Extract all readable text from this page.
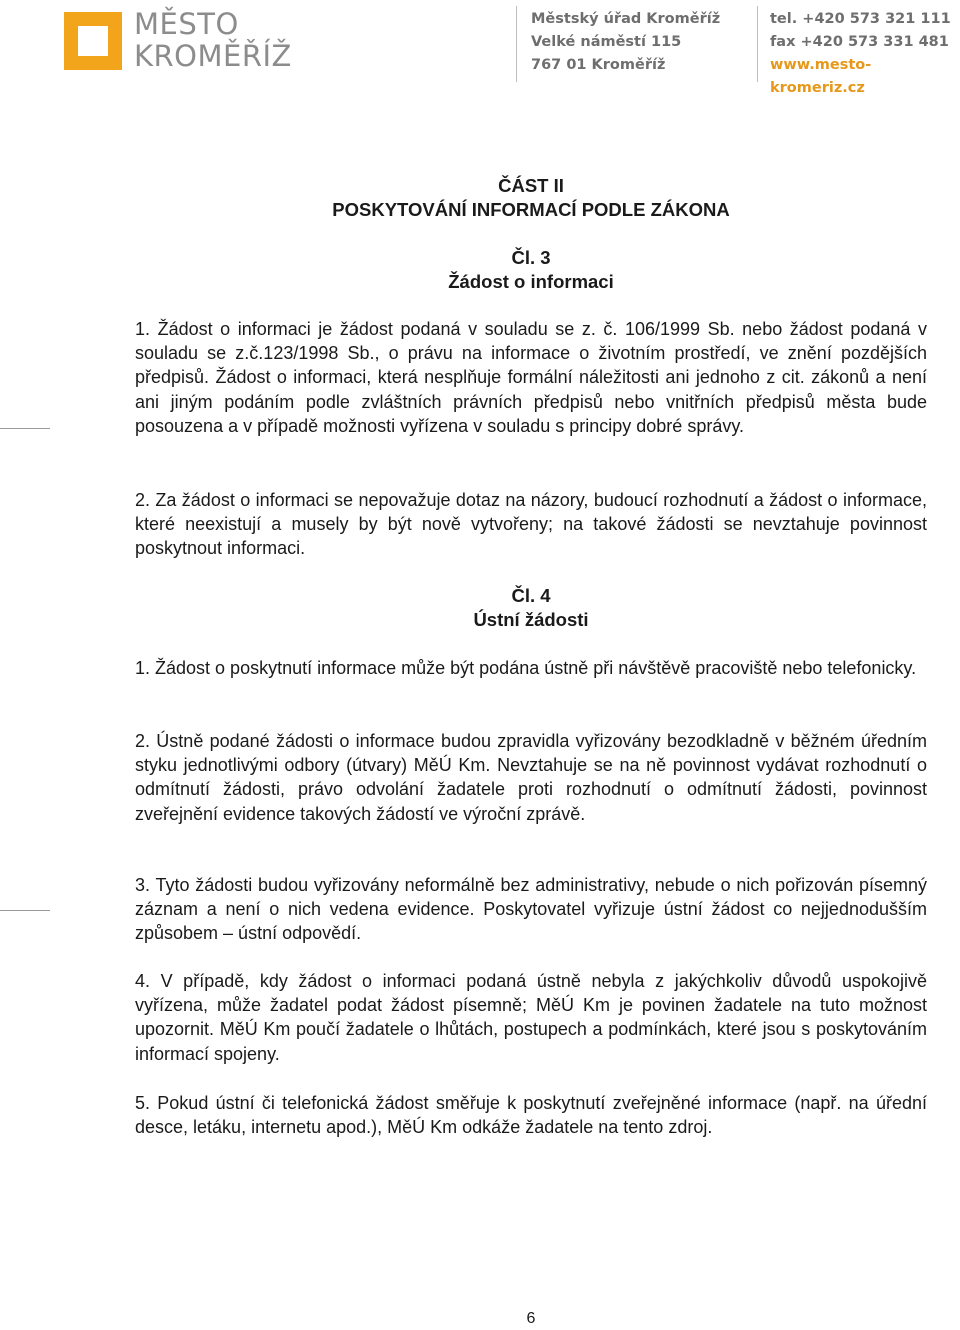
MĚSTO
KROMĚŘÍŽ
Městský úřad Kroměříž
Velké náměstí 115
767 01 Kroměříž
tel. +420 573 321 111
fax +420 573 331 481
www.mesto-kromeriz.cz
ČÁST II
POSKYTOVÁNÍ INFORMACÍ PODLE ZÁKONA
Čl. 3
Žádost o informaci
1. Žádost o informaci je žádost podaná v souladu se z. č. 106/1999 Sb. nebo žádost podaná v souladu se z.č.123/1998 Sb., o právu na informace o životním prostředí, ve znění pozdějších předpisů. Žádost o informaci, která nesplňuje formální náležitosti ani jednoho z cit. zákonů a není ani jiným podáním podle zvláštních právních předpisů nebo vnitřních předpisů města bude posouzena a v případě možnosti vyřízena v souladu s principy dobré správy.
2. Za žádost o informaci se nepovažuje dotaz na názory, budoucí rozhodnutí a žádost o informace, které neexistují a musely by být nově vytvořeny; na takové žádosti se nevztahuje povinnost poskytnout informaci.
Čl. 4
Ústní žádosti
1. Žádost o poskytnutí informace může být podána ústně při návštěvě pracoviště nebo telefonicky.
2. Ústně podané žádosti o informace budou zpravidla vyřizovány bezodkladně v běžném úředním styku jednotlivými odbory (útvary) MěÚ Km. Nevztahuje se na ně povinnost vydávat rozhodnutí o odmítnutí žádosti, právo odvolání žadatele proti rozhodnutí o odmítnutí žádosti, povinnost zveřejnění evidence takových žádostí ve výroční zprávě.
3. Tyto žádosti budou vyřizovány neformálně bez administrativy, nebude o nich pořizován písemný záznam a není o nich vedena evidence. Poskytovatel vyřizuje ústní žádost co nejjednodušším způsobem – ústní odpovědí.
4. V případě, kdy žádost o informaci podaná ústně nebyla z jakýchkoliv důvodů uspokojivě vyřízena, může žadatel podat žádost písemně; MěÚ Km je povinen žadatele na tuto možnost upozornit. MěÚ Km poučí žadatele o lhůtách, postupech a podmínkách, které jsou s poskytováním informací spojeny.
5. Pokud ústní či telefonická žádost směřuje k poskytnutí zveřejněné informace (např. na úřední desce, letáku, internetu apod.), MěÚ Km odkáže žadatele na tento zdroj.
6
